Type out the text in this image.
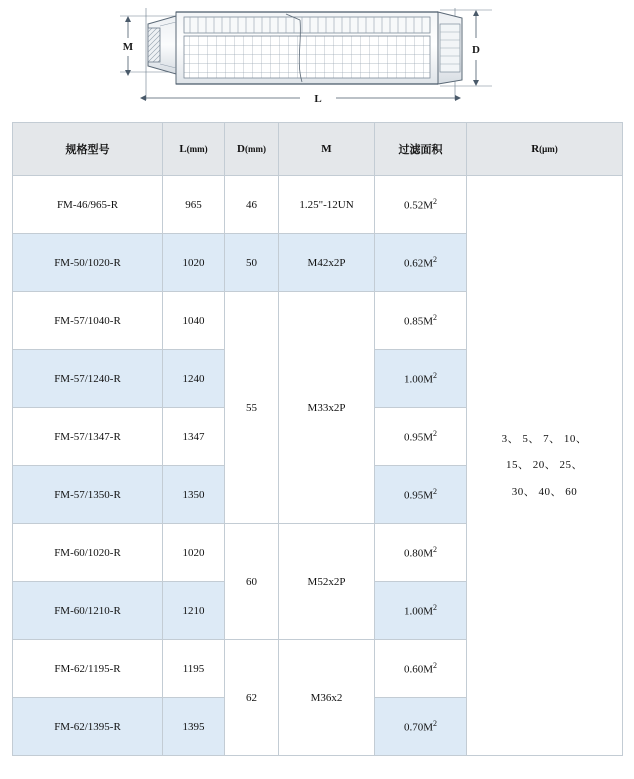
M	D
L
规格型号	L(mm)	D(mm)	М	过滤面积	R(μm)
FM-46/965-R	965	46	1.25"-12UN	$0.52M^2$	3、 5、 7、 10、
15、 20、 25、
30、 40、 60

FM-50/1020-R	1020	50	M42x2P	$0.62M^2$
FM-57/1040-R	1040	55	M33x2P	$0.85M^2$
FM-57/1240-R	1240			$1.00M^2$
FM-57/1347-R	1347			$0.95M^2$
FM-57/1350-R	1350			$0.95M^2$
FM-60/1020-R	1020	60	M52x2P	$0.80M^2$
FM-60/1210-R	1210			$1.00M^2$
FM-62/1195-R	1195	62	M36x2	$0.60M^2$
FM-62/1395-R	1395			$0.70M^2$
